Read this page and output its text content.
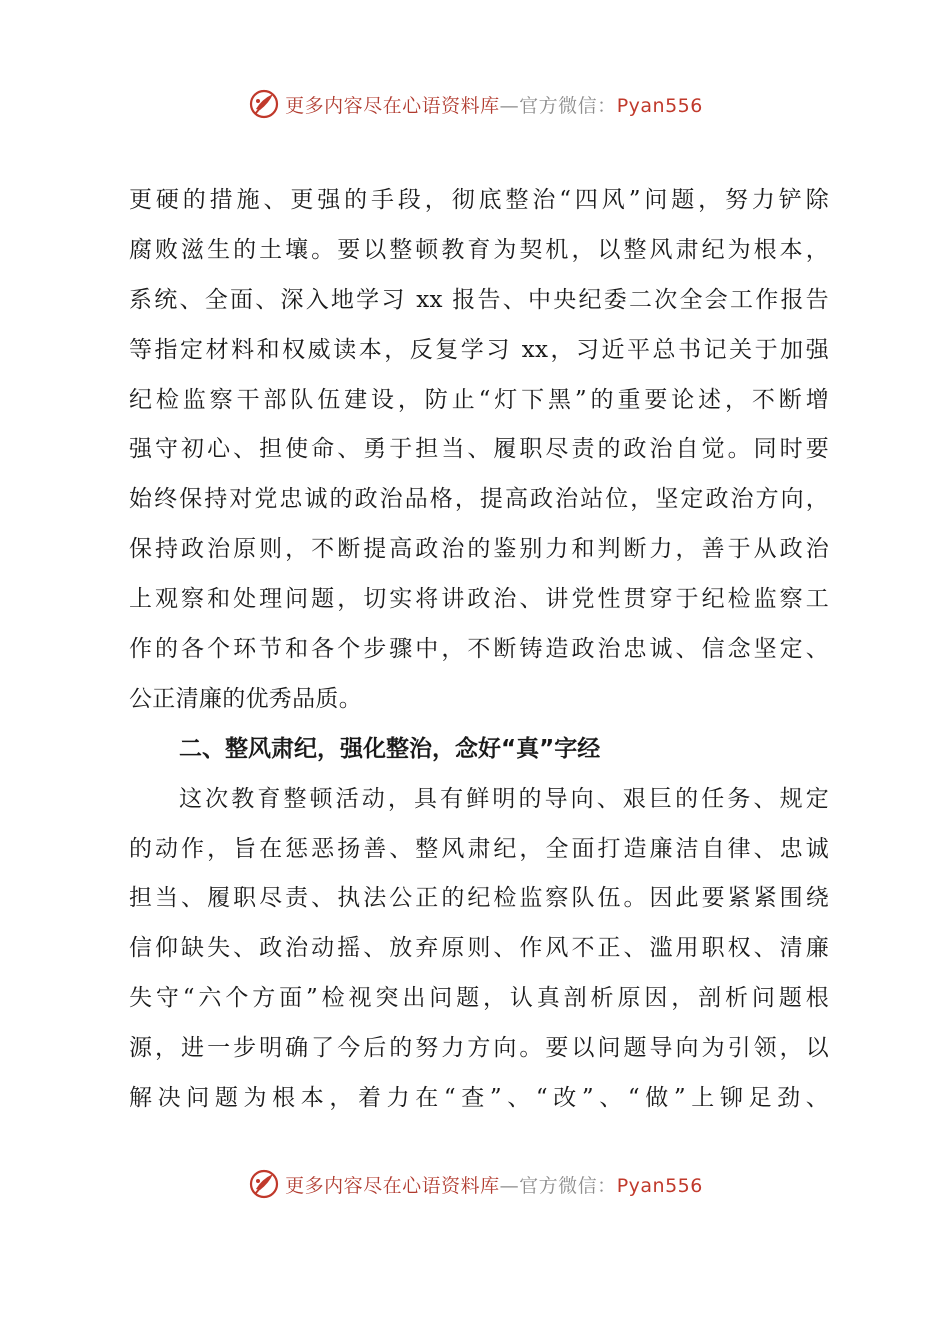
更多内容尽在心语资料库—官方微信：Pyan556
更硬的措施、更强的手段，彻底整治“四风”问题，努力铲除
腐败滋生的土壤。要以整顿教育为契机，以整风肃纪为根本，
系统、全面、深入地学习 xx 报告、中央纪委二次全会工作报告
等指定材料和权威读本，反复学习 xx，习近平总书记关于加强
纪检监察干部队伍建设，防止“灯下黑”的重要论述，不断增
强守初心、担使命、勇于担当、履职尽责的政治自觉。同时要
始终保持对党忠诚的政治品格，提高政治站位，坚定政治方向，
保持政治原则，不断提高政治的鉴别力和判断力，善于从政治
上观察和处理问题，切实将讲政治、讲党性贯穿于纪检监察工
作的各个环节和各个步骤中，不断铸造政治忠诚、信念坚定、
公正清廉的优秀品质。
二、整风肃纪，强化整治，念好“真”字经
这次教育整顿活动，具有鲜明的导向、艰巨的任务、规定
的动作，旨在惩恶扬善、整风肃纪，全面打造廉洁自律、忠诚
担当、履职尽责、执法公正的纪检监察队伍。因此要紧紧围绕
信仰缺失、政治动摇、放弃原则、作风不正、滥用职权、清廉
失守“六个方面”检视突出问题，认真剖析原因，剖析问题根
源，进一步明确了今后的努力方向。要以问题导向为引领，以
解决问题为根本，着力在“查”、“改”、“做”上铆足劲、
更多内容尽在心语资料库—官方微信：Pyan556
